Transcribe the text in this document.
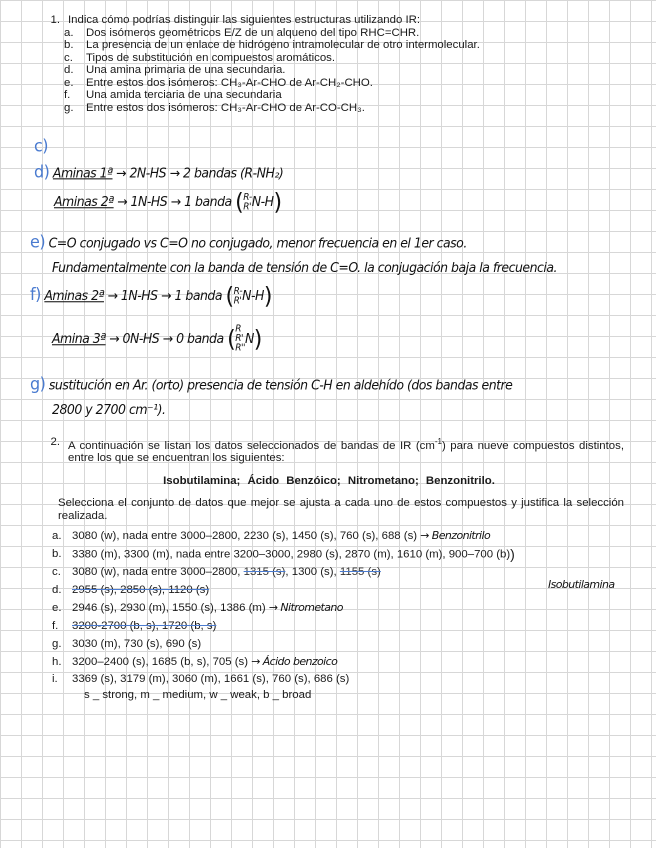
1. Indica cómo podrías distinguir las siguientes estructuras utilizando IR:
a.	Dos isómeros geométricos E/Z de un alqueno del tipo RHC=CHR.
b.	La presencia de un enlace de hidrógeno intramolecular de otro intermolecular.
c.	Tipos de substitución en compuestos aromáticos.
d.	Una amina primaria de una secundaria.
e.	Entre estos dos isómeros: CH₃-Ar-CHO de Ar-CH₂-CHO.
f.	Una amida terciaria de una secundaria
g.	Entre estos dos isómeros: CH₃-Ar-CHO de Ar-CO-CH₃.
c)
d) Aminas 1ª → 2N-HS → 2 bandas (R-NH₂)
Aminas 2ª → 1N-HS → 1 banda ( R-
R' N-H)
e) C=O conjugado vs C=O no conjugado, menor frecuencia en el 1er caso.
Fundamentalmente con la banda de tensión de C=O. la conjugación baja la frecuencia.
f) Aminas 2ª → 1N-HS → 1 banda ( R-
R' N-H)
Amina 3ª → 0N-HS → 0 banda ( R
R'
R''
N)
g) sustitución en Ar. (orto) presencia de tensión C-H en aldehído (dos bandas entre
2800 y 2700 cm⁻¹).
2. A continuación se listan los datos seleccionados de bandas de IR $(cm^{-1})$ para nueve compuestos distintos, entre los que se encuentran los siguientes:

Isobutilamina; Ácido Benzóico; Nitrometano; Benzonitrilo.

Selecciona el conjunto de datos que mejor se ajusta a cada uno de estos compuestos y justifica la selección realizada.

a. 3080 (w), nada entre 3000–2800, 2230 (s), 1450 (s), 760 (s), 688 (s) → Benzonitrilo
b. 3380 (m), 3300 (m), nada entre 3200–3000, 2980 (s), 2870 (m), 1610 (m), 900–700 (b))
c. 3080 (w), nada entre 3000–2800, 1315 (s), 1300 (s), 1155 (s)
Isobutilamina
d. 2955 (s), 2850 (s), 1120 (s)
e. 2946 (s), 2930 (m), 1550 (s), 1386 (m) → Nitrometano
f. 3200-2700 (b, s), 1720 (b, s)
g. 3030 (m), 730 (s), 690 (s)
h. 3200–2400 (s), 1685 (b, s), 705 (s) → Ácido benzoico
i. 3369 (s), 3179 (m), 3060 (m), 1661 (s), 760 (s), 686 (s)
s _ strong, m _ medium, w _ weak, b _ broad
